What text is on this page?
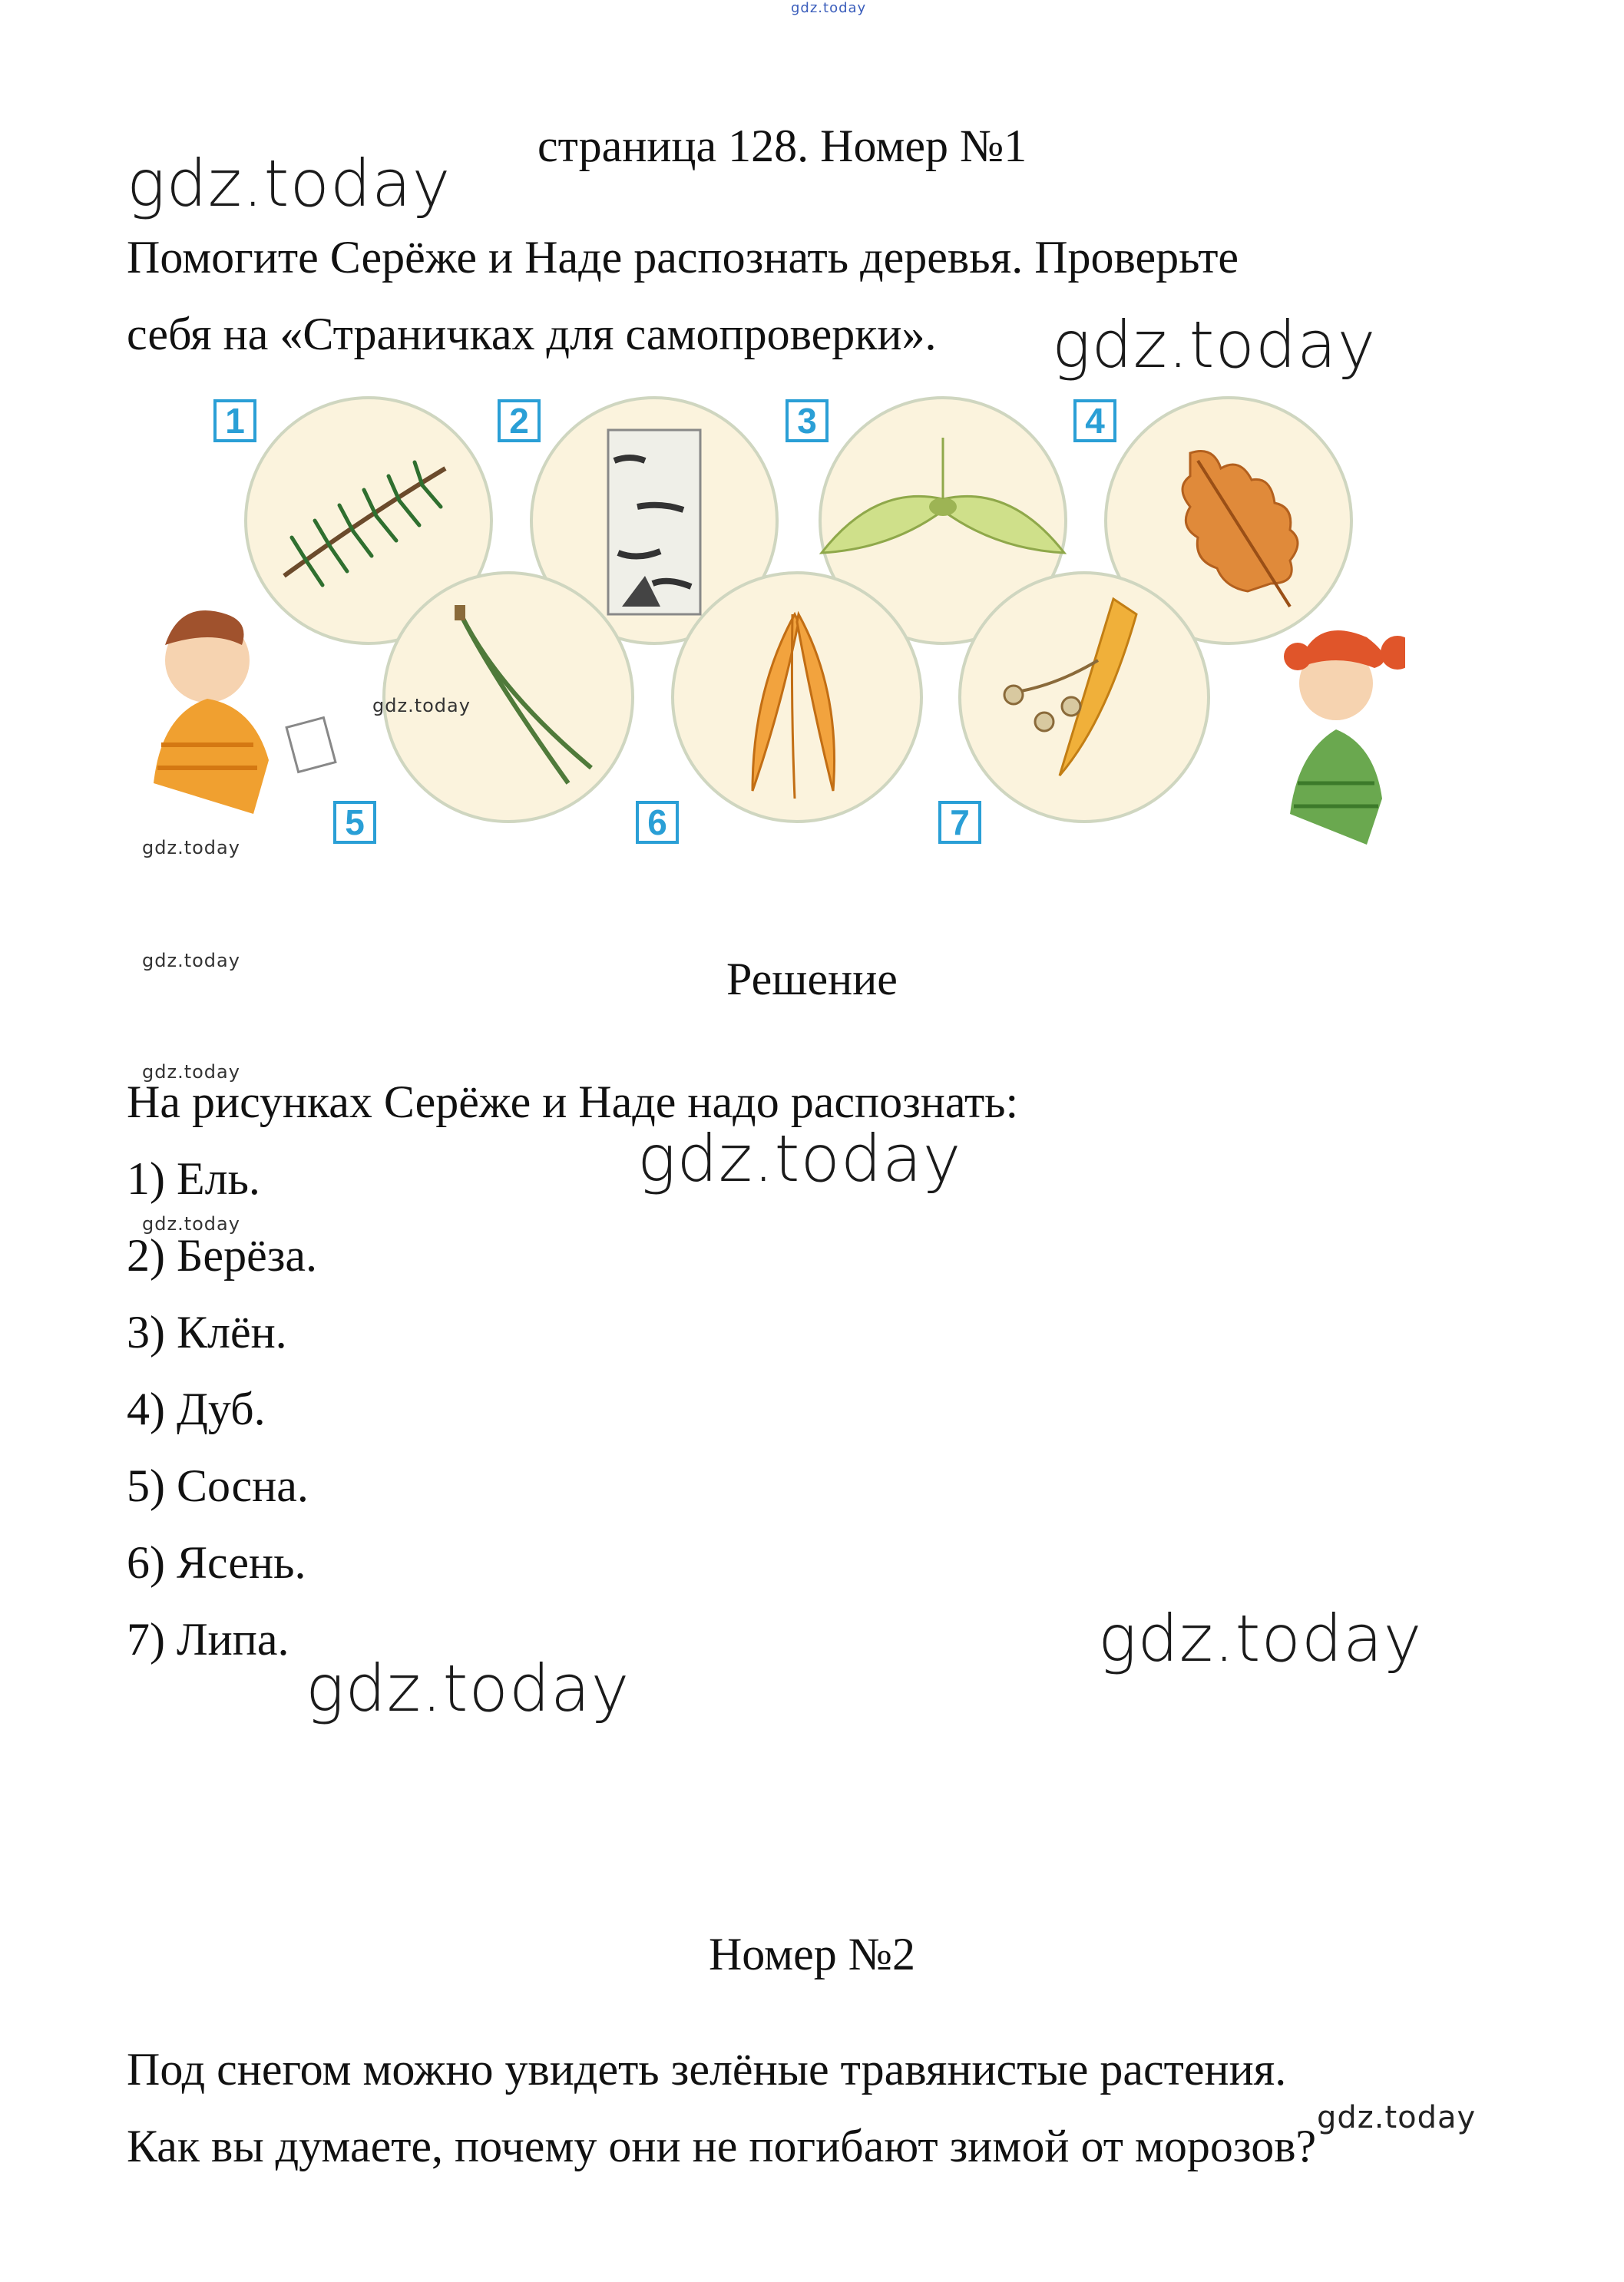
gdz.today
страница 128. Номер №1
gdz.today
gdz.today
Помогите Серёже и Наде распознать деревья. Проверьте
себя на «Страничках для самопроверки».
1	2	3	4
5	6	7
gdz.today
gdz.today
gdz.today	Решение
gdz.today
На рисунках Серёже и Наде надо распознать:
1) Ель.	gdz.today
gdz.today
2) Берёза.
3) Клён.
4) Дуб.
5) Сосна.
6) Ясень.
7) Липа.	gdz.today
gdz.today
Номер №2
Под снегом можно увидеть зелёные травянистые растения.
gdz.today
Как вы думаете, почему они не погибают зимой от морозов?
